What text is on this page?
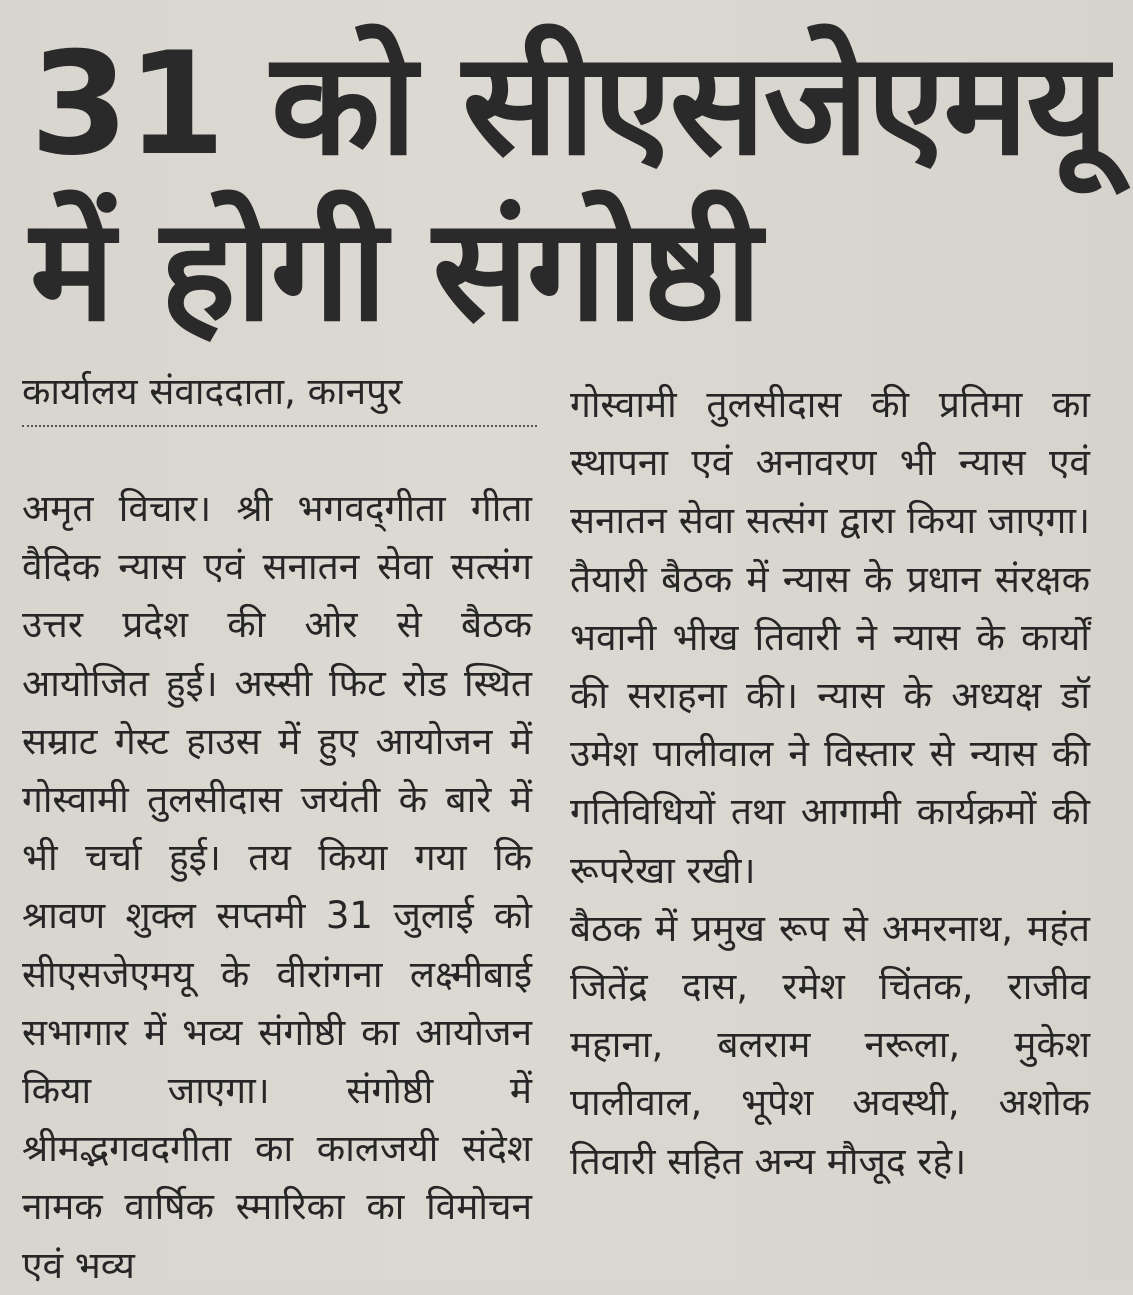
31 को सीएसजेएमयू
में होगी संगोष्ठी
कार्यालय संवाददाता, कानपुर

अमृत विचार। श्री भगवद्‌गीता गीता वैदिक न्यास एवं सनातन सेवा सत्संग उत्तर प्रदेश की ओर से बैठक आयोजित हुई। अस्सी फिट रोड स्थित सम्राट गेस्ट हाउस में हुए आयोजन में गोस्वामी तुलसीदास जयंती के बारे में भी चर्चा हुई। तय किया गया कि श्रावण शुक्ल सप्तमी 31 जुलाई को सीएसजेएमयू के वीरांगना लक्ष्मीबाई सभागार में भव्य संगोष्ठी का आयोजन किया जाएगा। संगोष्ठी में श्रीमद्भगवदगीता का कालजयी संदेश नामक वार्षिक स्मारिका का विमोचन एवं भव्य

गोस्वामी तुलसीदास की प्रतिमा का स्थापना एवं अनावरण भी न्यास एवं सनातन सेवा सत्संग द्वारा किया जाएगा। तैयारी बैठक में न्यास के प्रधान संरक्षक भवानी भीख तिवारी ने न्यास के कार्यों की सराहना की। न्यास के अध्यक्ष डॉ उमेश पालीवाल ने विस्तार से न्यास की गतिविधियों तथा आगामी कार्यक्रमों की रूपरेखा रखी।

बैठक में प्रमुख रूप से अमरनाथ, महंत जितेंद्र दास, रमेश चिंतक, राजीव महाना, बलराम नरूला, मुकेश पालीवाल, भूपेश अवस्थी, अशोक तिवारी सहित अन्य मौजूद रहे।
